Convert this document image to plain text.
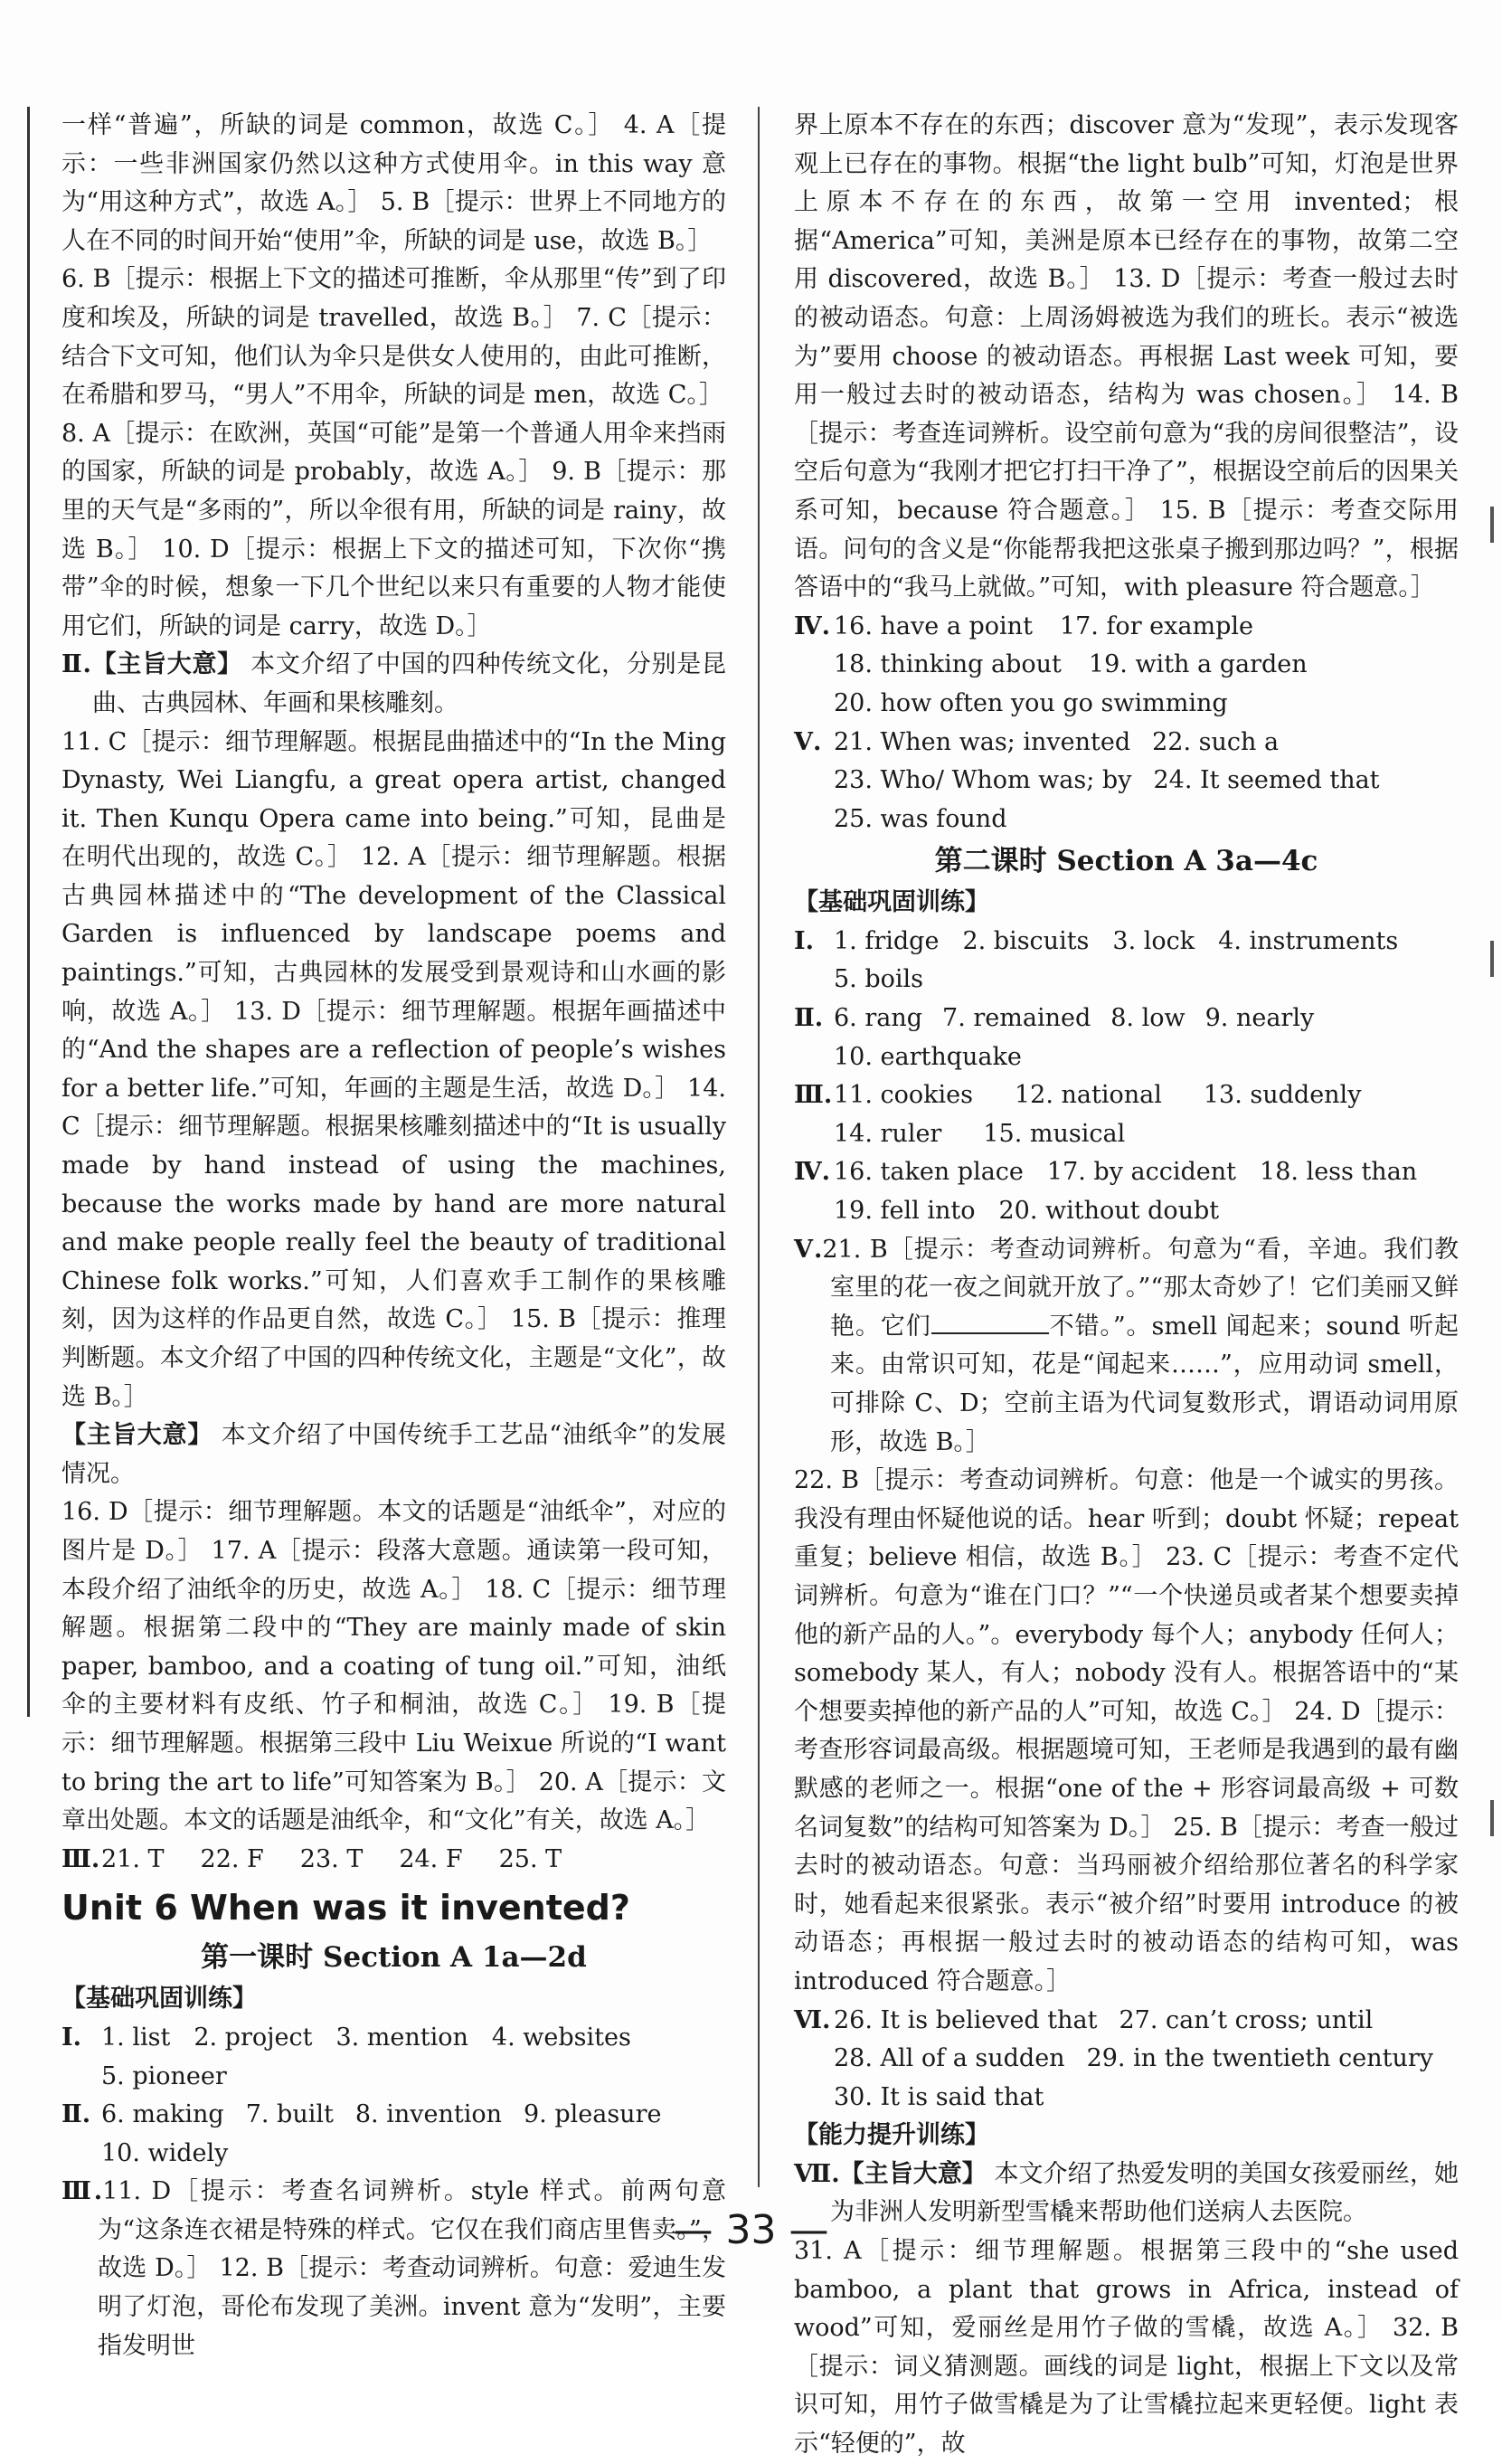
一样“普遍”，所缺的词是 common，故选 C。］ 4. A［提示：一些非洲国家仍然以这种方式使用伞。in this way 意为“用这种方式”，故选 A。］ 5. B［提示：世界上不同地方的人在不同的时间开始“使用”伞，所缺的词是 use，故选 B。］

6. B［提示：根据上下文的描述可推断，伞从那里“传”到了印度和埃及，所缺的词是 travelled，故选 B。］ 7. C［提示：结合下文可知，他们认为伞只是供女人使用的，由此可推断，在希腊和罗马，“男人”不用伞，所缺的词是 men，故选 C。］

8. A［提示：在欧洲，英国“可能”是第一个普通人用伞来挡雨的国家，所缺的词是 probably，故选 A。］ 9. B［提示：那里的天气是“多雨的”，所以伞很有用，所缺的词是 rainy，故选 B。］ 10. D［提示：根据上下文的描述可知，下次你“携带”伞的时候，想象一下几个世纪以来只有重要的人物才能使用它们，所缺的词是 carry，故选 D。］

Ⅱ.【主旨大意】 本文介绍了中国的四种传统文化，分别是昆曲、古典园林、年画和果核雕刻。

11. C［提示：细节理解题。根据昆曲描述中的“In the Ming Dynasty, Wei Liangfu, a great opera artist, changed it. Then Kunqu Opera came into being.”可知，昆曲是在明代出现的，故选 C。］ 12. A［提示：细节理解题。根据古典园林描述中的“The development of the Classical Garden is influenced by landscape poems and paintings.”可知，古典园林的发展受到景观诗和山水画的影响，故选 A。］ 13. D［提示：细节理解题。根据年画描述中的“And the shapes are a reflection of people’s wishes for a better life.”可知，年画的主题是生活，故选 D。］ 14. C［提示：细节理解题。根据果核雕刻描述中的“It is usually made by hand instead of using the machines, because the works made by hand are more natural and make people really feel the beauty of traditional Chinese folk works.”可知，人们喜欢手工制作的果核雕刻，因为这样的作品更自然，故选 C。］ 15. B［提示：推理判断题。本文介绍了中国的四种传统文化，主题是“文化”，故选 B。］

【主旨大意】 本文介绍了中国传统手工艺品“油纸伞”的发展情况。

16. D［提示：细节理解题。本文的话题是“油纸伞”，对应的图片是 D。］ 17. A［提示：段落大意题。通读第一段可知，本段介绍了油纸伞的历史，故选 A。］ 18. C［提示：细节理解题。根据第二段中的“They are mainly made of skin paper, bamboo, and a coating of tung oil.”可知，油纸伞的主要材料有皮纸、竹子和桐油，故选 C。］ 19. B［提示：细节理解题。根据第三段中 Liu Weixue 所说的“I want to bring the art to life”可知答案为 B。］ 20. A［提示：文章出处题。本文的话题是油纸伞，和“文化”有关，故选 A。］

Ⅲ. 21. T 22. F 23. T 24. F 25. T
Unit 6 When was it invented?
第一课时 Section A 1a—2d

【基础巩固训练】

Ⅰ. 1. list 2. project 3. mention 4. websites
5. pioneer
Ⅱ. 6. making 7. built 8. invention 9. pleasure
10. widely

Ⅲ.11. D［提示：考查名词辨析。style 样式。前两句意为“这条连衣裙是特殊的样式。它仅在我们商店里售卖。”，故选 D。］ 12. B［提示：考查动词辨析。句意：爱迪生发明了灯泡，哥伦布发现了美洲。invent 意为“发明”，主要指发明世

界上原本不存在的东西；discover 意为“发现”，表示发现客观上已存在的事物。根据“the light bulb”可知，灯泡是世界上原本不存在的东西，故第一空用 invented；根据“America”可知，美洲是原本已经存在的事物，故第二空用 discovered，故选 B。］ 13. D［提示：考查一般过去时的被动语态。句意：上周汤姆被选为我们的班长。表示“被选为”要用 choose 的被动语态。再根据 Last week 可知，要用一般过去时的被动语态，结构为 was chosen。］ 14. B［提示：考查连词辨析。设空前句意为“我的房间很整洁”，设空后句意为“我刚才把它打扫干净了”，根据设空前后的因果关系可知，because 符合题意。］ 15. B［提示：考查交际用语。问句的含义是“你能帮我把这张桌子搬到那边吗？”，根据答语中的“我马上就做。”可知，with pleasure 符合题意。］

Ⅳ. 16. have a point 17. for example
18. thinking about 19. with a garden
20. how often you go swimming
Ⅴ. 21. When was; invented 22. such a
23. Who/ Whom was; by 24. It seemed that
25. was found
第二课时 Section A 3a—4c

【基础巩固训练】

Ⅰ. 1. fridge 2. biscuits 3. lock 4. instruments
5. boils
Ⅱ. 6. rang 7. remained 8. low 9. nearly
10. earthquake
Ⅲ. 11. cookies 12. national 13. suddenly
14. ruler 15. musical
Ⅳ. 16. taken place 17. by accident 18. less than
19. fell into 20. without doubt

Ⅴ.21. B［提示：考查动词辨析。句意为“看，辛迪。我们教室里的花一夜之间就开放了。”“那太奇妙了！它们美丽又鲜艳。它们	不错。”。smell 闻起来；sound 听起来。由常识可知，花是“闻起来……”，应用动词 smell，可排除 C、D；空前主语为代词复数形式，谓语动词用原形，故选 B。］

22. B［提示：考查动词辨析。句意：他是一个诚实的男孩。我没有理由怀疑他说的话。hear 听到；doubt 怀疑；repeat 重复；believe 相信，故选 B。］ 23. C［提示：考查不定代词辨析。句意为“谁在门口？”“一个快递员或者某个想要卖掉他的新产品的人。”。everybody 每个人；anybody 任何人；somebody 某人，有人；nobody 没有人。根据答语中的“某个想要卖掉他的新产品的人”可知，故选 C。］ 24. D［提示：考查形容词最高级。根据题境可知，王老师是我遇到的最有幽默感的老师之一。根据“one of the + 形容词最高级 + 可数名词复数”的结构可知答案为 D。］ 25. B［提示：考查一般过去时的被动语态。句意：当玛丽被介绍给那位著名的科学家时，她看起来很紧张。表示“被介绍”时要用 introduce 的被动语态；再根据一般过去时的被动语态的结构可知，was introduced 符合题意。］

Ⅵ. 26. It is believed that 27. can’t cross; until
28. All of a sudden 29. in the twentieth century
30. It is said that

【能力提升训练】

Ⅶ.【主旨大意】 本文介绍了热爱发明的美国女孩爱丽丝，她为非洲人发明新型雪橇来帮助他们送病人去医院。

31. A［提示：细节理解题。根据第三段中的“she used bamboo, a plant that grows in Africa, instead of wood”可知，爱丽丝是用竹子做的雪橇，故选 A。］ 32. B［提示：词义猜测题。画线的词是 light，根据上下文以及常识可知，用竹子做雪橇是为了让雪橇拉起来更轻便。light 表示“轻便的”，故

— 33 —
